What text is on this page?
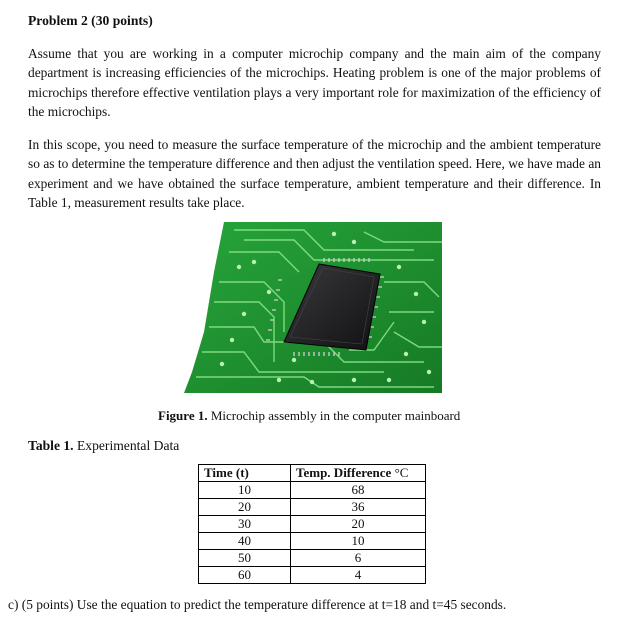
Problem 2 (30 points)

Assume that you are working in a computer microchip company and the main aim of the company department is increasing efficiencies of the microchips. Heating problem is one of the major problems of microchips therefore effective ventilation plays a very important role for maximization of the efficiency of the microchips.

In this scope, you need to measure the surface temperature of the microchip and the ambient temperature so as to determine the temperature difference and then adjust the ventilation speed. Here, we have made an experiment and we have obtained the surface temperature, ambient temperature and their difference. In Table 1, measurement results take place.

Figure 1. Microchip assembly in the computer mainboard
Table 1. Experimental Data
Time (t)	Temp. Difference °C
10	68
20	36
30	20
40	10
50	6
60	4
c) (5 points) Use the equation to predict the temperature difference at t=18 and t=45 seconds.
